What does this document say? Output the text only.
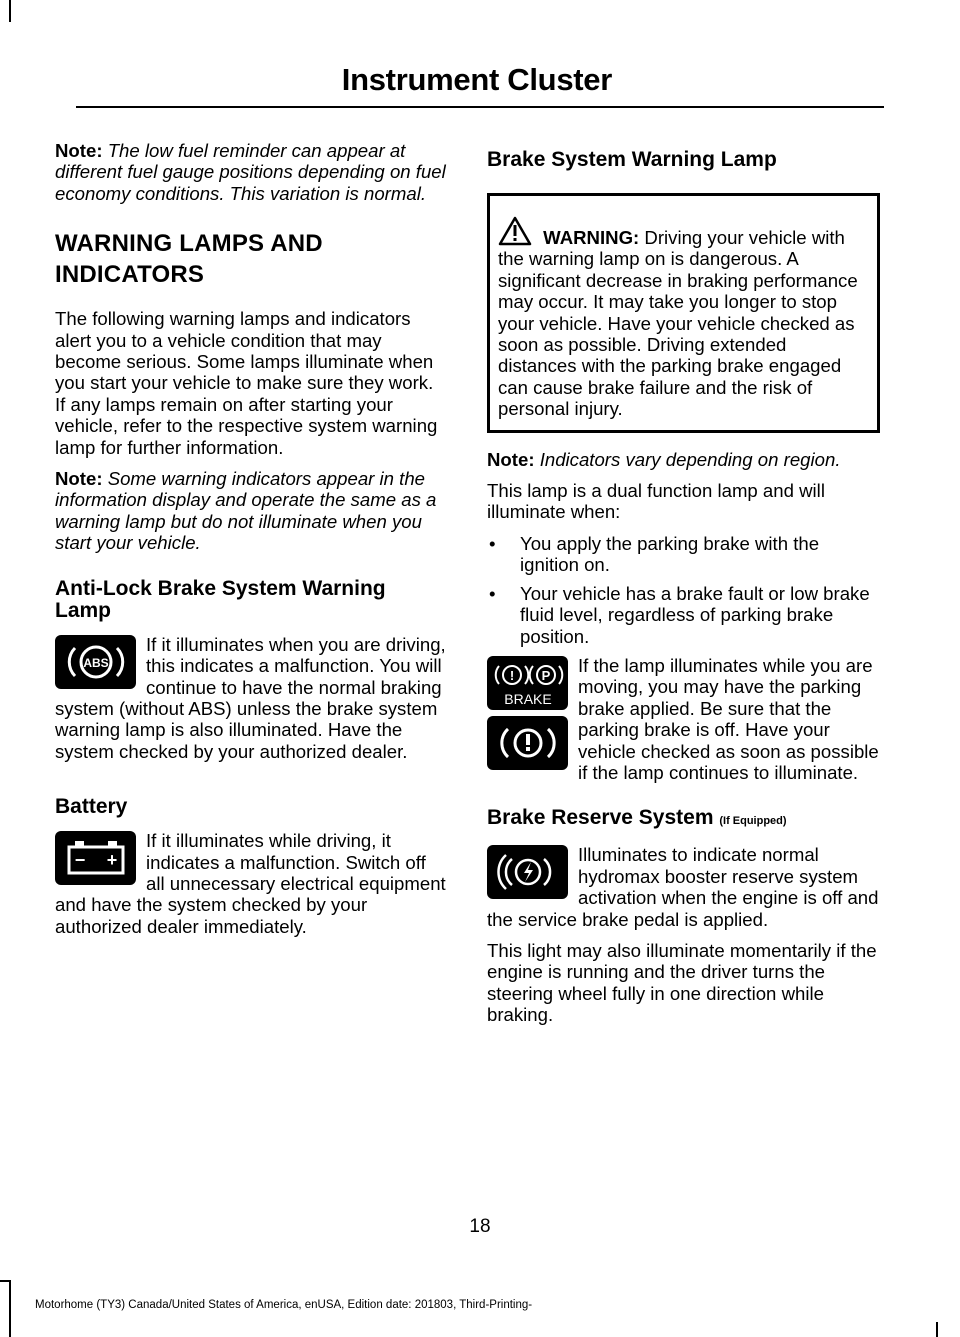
Instrument Cluster

Note: The low fuel reminder can appear at different fuel gauge positions depending on fuel economy conditions. This variation is normal.

WARNING LAMPS AND INDICATORS

The following warning lamps and indicators alert you to a vehicle condition that may become serious. Some lamps illuminate when you start your vehicle to make sure they work. If any lamps remain on after starting your vehicle, refer to the respective system warning lamp for further information.

Note: Some warning indicators appear in the information display and operate the same as a warning lamp but do not illuminate when you start your vehicle.

Anti-Lock Brake System Warning Lamp
ABS

If it illuminates when you are driving, this indicates a malfunction. You will continue to have the normal braking system (without ABS) unless the brake system warning lamp is also illuminated. Have the system checked by your authorized dealer.

Battery
− +

If it illuminates while driving, it indicates a malfunction. Switch off all unnecessary electrical equipment and have the system checked by your authorized dealer immediately.

Brake System Warning Lamp
WARNING: Driving your vehicle with the warning lamp on is dangerous. A significant decrease in braking performance may occur. It may take you longer to stop your vehicle. Have your vehicle checked as soon as possible. Driving extended distances with the parking brake engaged can cause brake failure and the risk of personal injury.

Note: Indicators vary depending on region.

This lamp is a dual function lamp and will illuminate when:

• You apply the parking brake with the ignition on.
• Your vehicle has a brake fault or low brake fluid level, regardless of parking brake position.
! P
BRAKE

If the lamp illuminates while you are moving, you may have the parking brake applied. Be sure that the parking brake is off. Have your vehicle checked as soon as possible if the lamp continues to illuminate.

Brake Reserve System (If Equipped)

Illuminates to indicate normal hydromax booster reserve system activation when the engine is off and the service brake pedal is applied.

This light may also illuminate momentarily if the engine is running and the driver turns the steering wheel fully in one direction while braking.

18
Motorhome (TY3) Canada/United States of America, enUSA, Edition date: 201803, Third-Printing-
